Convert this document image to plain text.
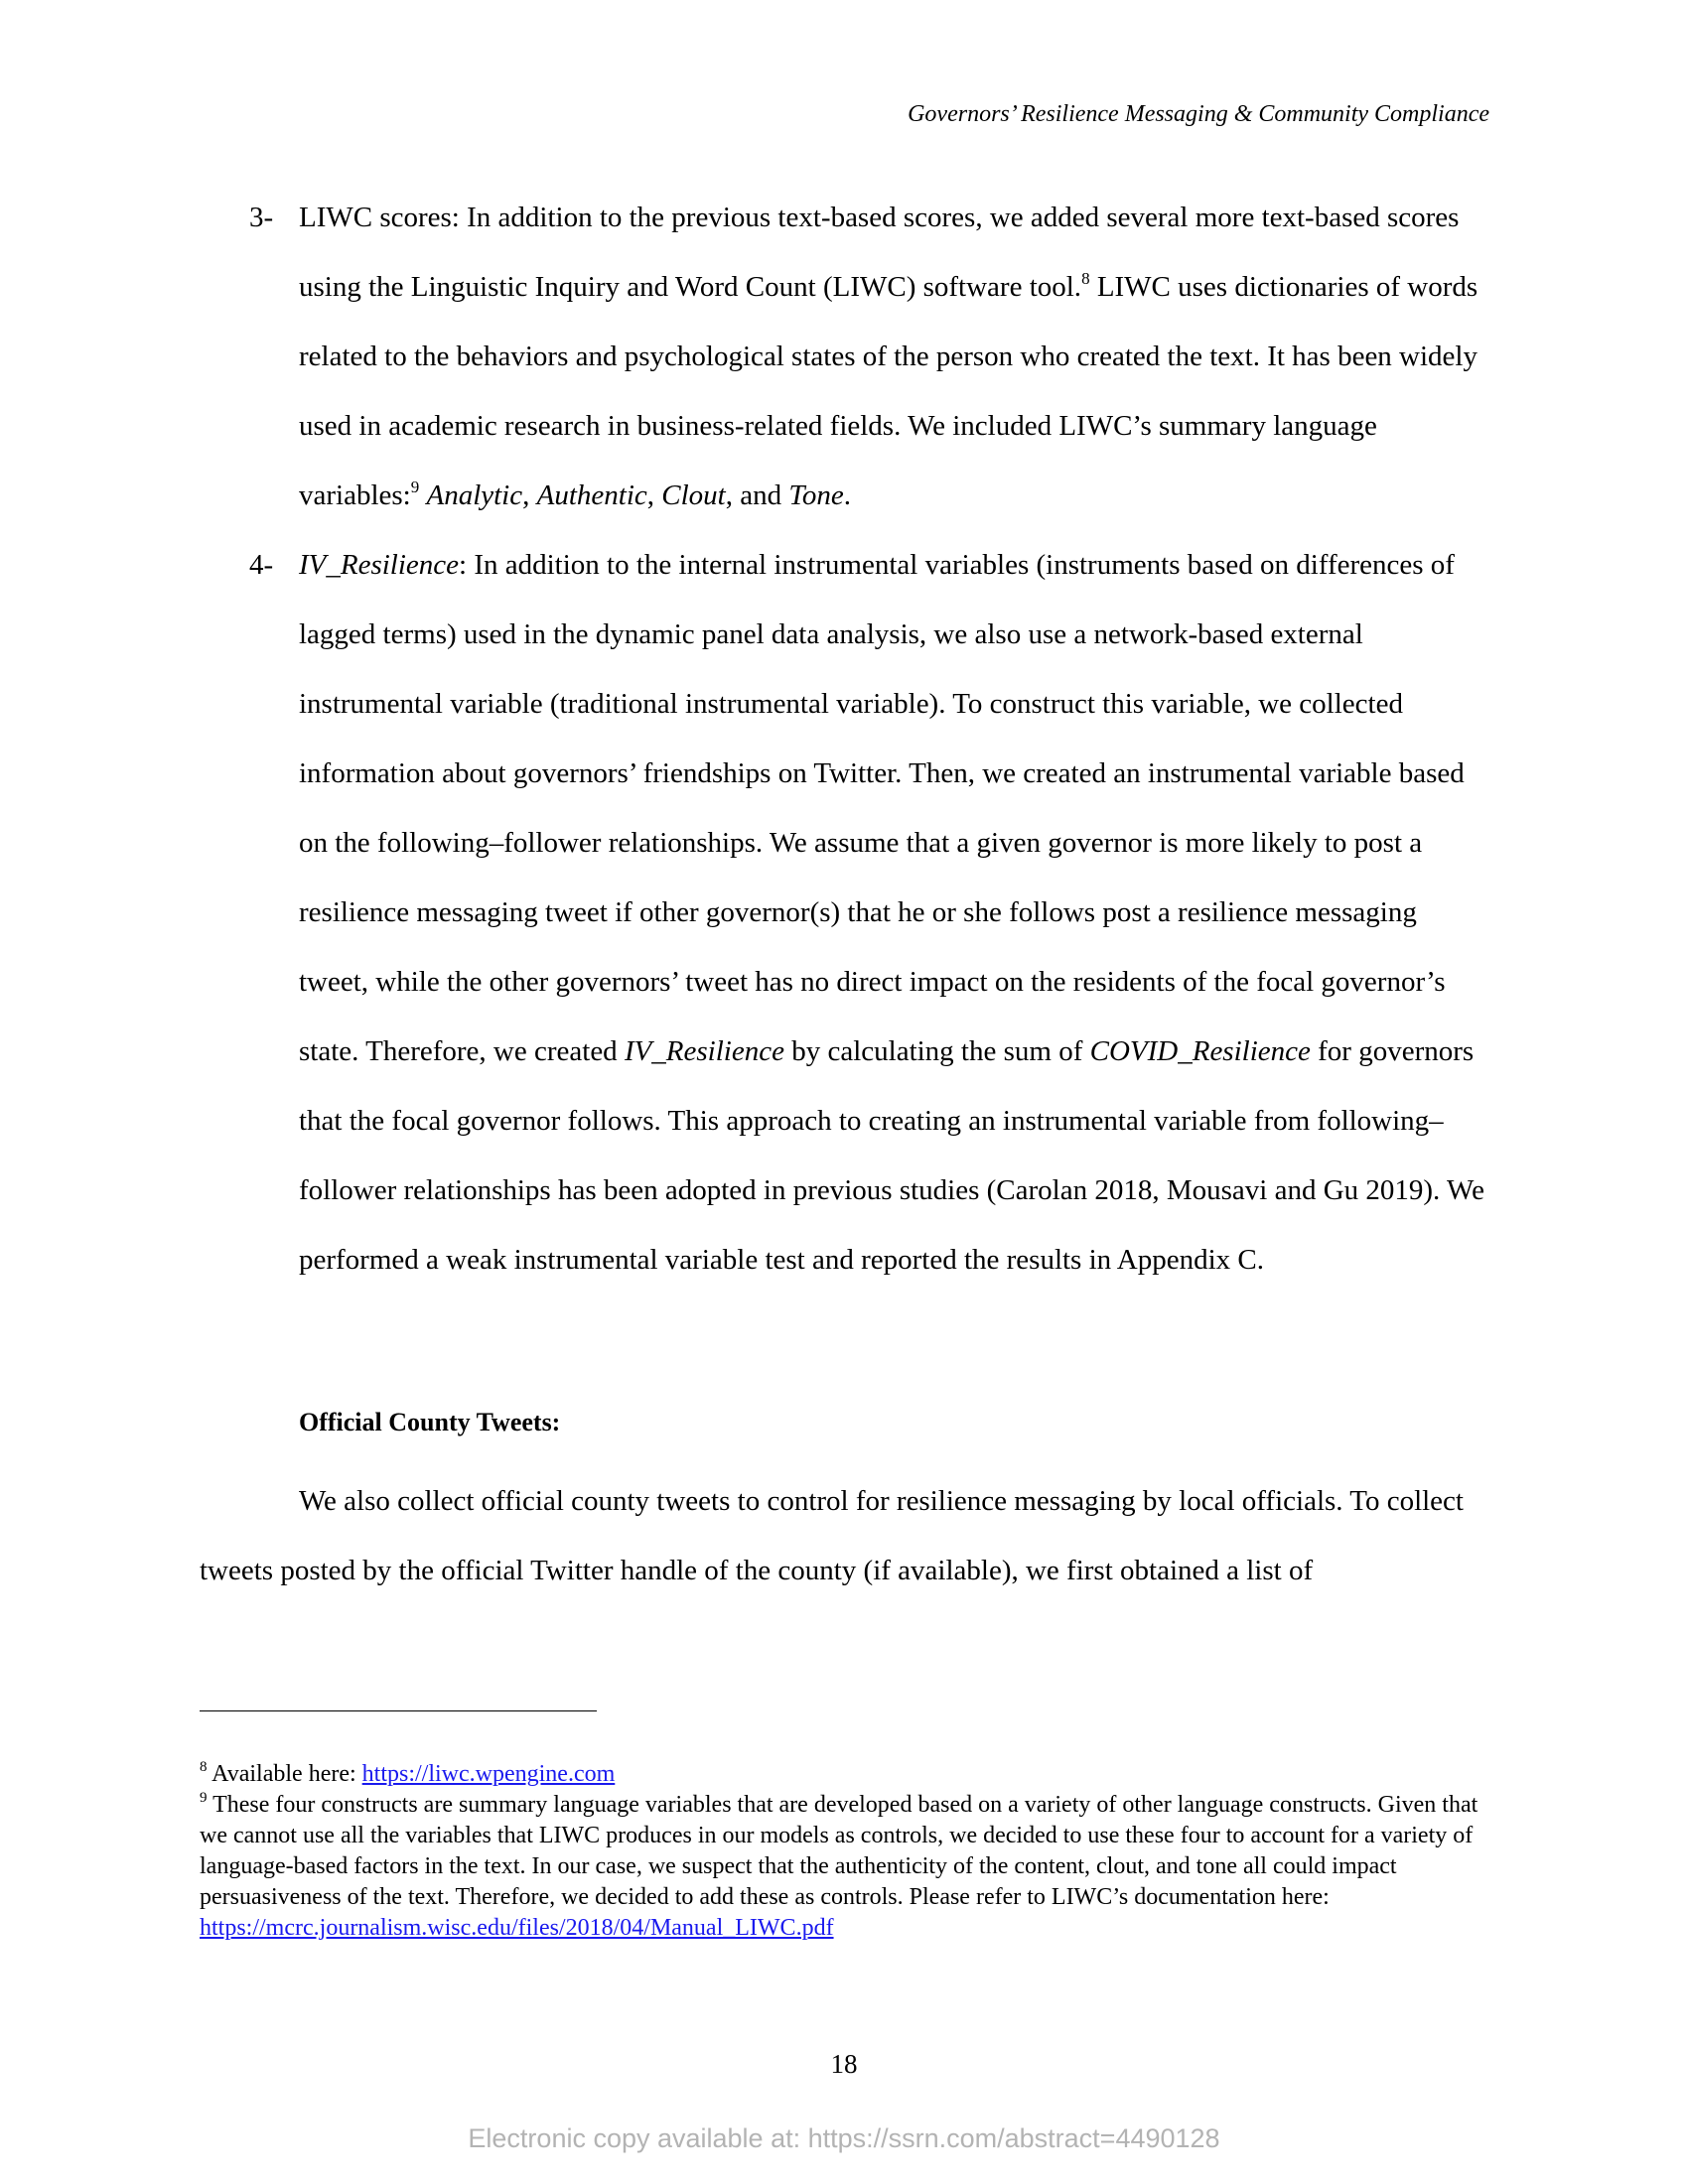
Governors’ Resilience Messaging & Community Compliance
3- LIWC scores: In addition to the previous text-based scores, we added several more text-based scores using the Linguistic Inquiry and Word Count (LIWC) software tool.$^8$ LIWC uses dictionaries of words related to the behaviors and psychological states of the person who created the text. It has been widely used in academic research in business-related fields. We included LIWC’s summary language variables:$^9$ Analytic, Authentic, Clout, and Tone.
4- IV_Resilience: In addition to the internal instrumental variables (instruments based on differences of lagged terms) used in the dynamic panel data analysis, we also use a network-based external instrumental variable (traditional instrumental variable). To construct this variable, we collected information about governors’ friendships on Twitter. Then, we created an instrumental variable based on the following–follower relationships. We assume that a given governor is more likely to post a resilience messaging tweet if other governor(s) that he or she follows post a resilience messaging tweet, while the other governors’ tweet has no direct impact on the residents of the focal governor’s state. Therefore, we created IV_Resilience by calculating the sum of COVID_Resilience for governors that the focal governor follows. This approach to creating an instrumental variable from following–follower relationships has been adopted in previous studies (Carolan 2018, Mousavi and Gu 2019). We performed a weak instrumental variable test and reported the results in Appendix C.
Official County Tweets:

We also collect official county tweets to control for resilience messaging by local officials. To collect tweets posted by the official Twitter handle of the county (if available), we first obtained a list of

$^8$ Available here: https://liwc.wpengine.com

$^9$ These four constructs are summary language variables that are developed based on a variety of other language constructs. Given that we cannot use all the variables that LIWC produces in our models as controls, we decided to use these four to account for a variety of language-based factors in the text. In our case, we suspect that the authenticity of the content, clout, and tone all could impact persuasiveness of the text. Therefore, we decided to add these as controls. Please refer to LIWC’s documentation here: https://mcrc.journalism.wisc.edu/files/2018/04/Manual_LIWC.pdf

18
Electronic copy available at: https://ssrn.com/abstract=4490128
